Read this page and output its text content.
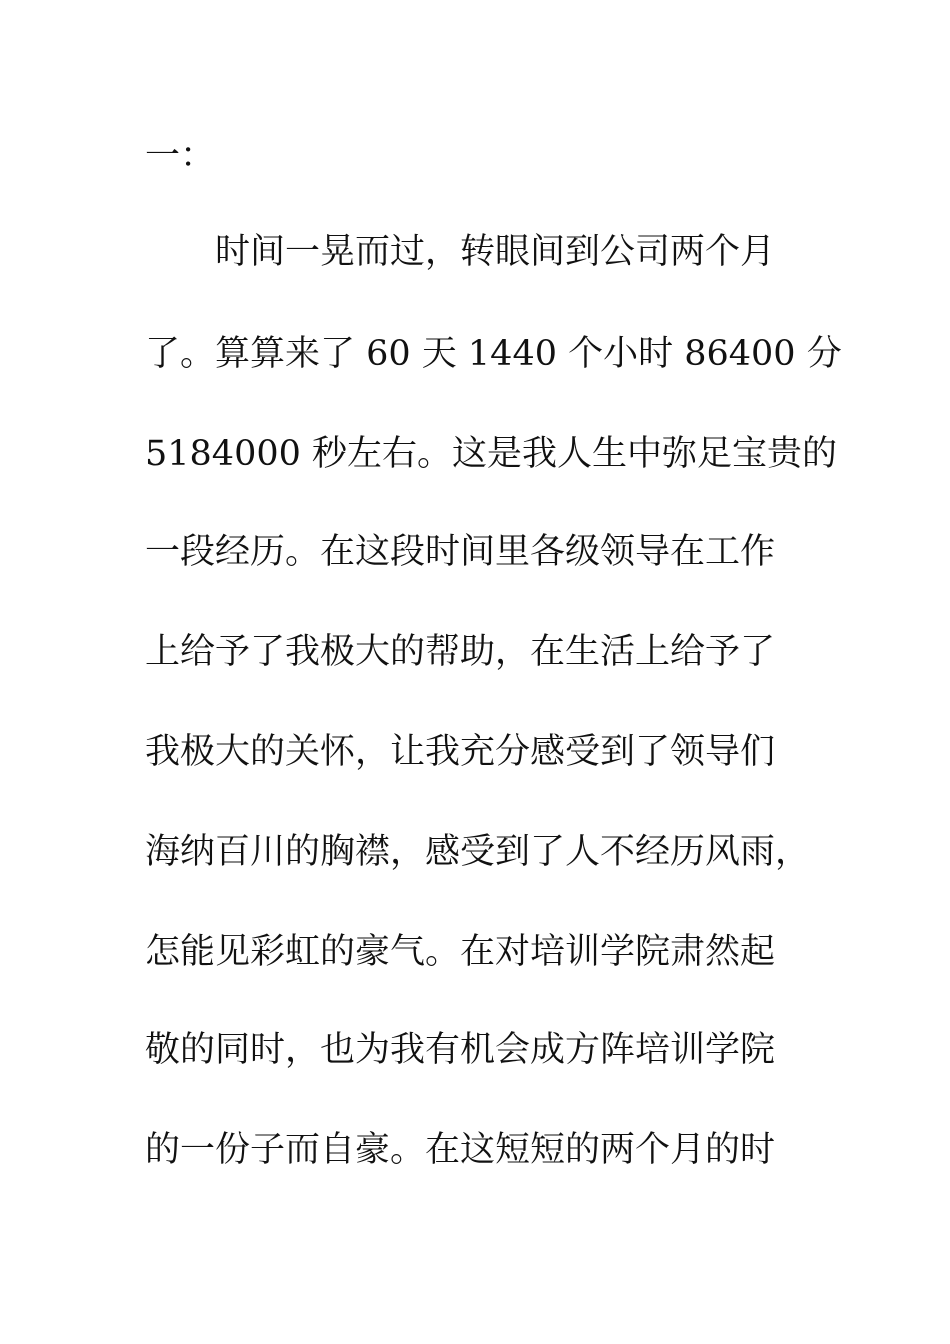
一：
时间一晃而过，转眼间到公司两个月
了。算算来了 60 天 1440 个小时 86400 分
5184000 秒左右。这是我人生中弥足宝贵的
一段经历。在这段时间里各级领导在工作
上给予了我极大的帮助，在生活上给予了
我极大的关怀，让我充分感受到了领导们
海纳百川的胸襟，感受到了人不经历风雨，
怎能见彩虹的豪气。在对培训学院肃然起
敬的同时，也为我有机会成方阵培训学院
的一份子而自豪。在这短短的两个月的时
